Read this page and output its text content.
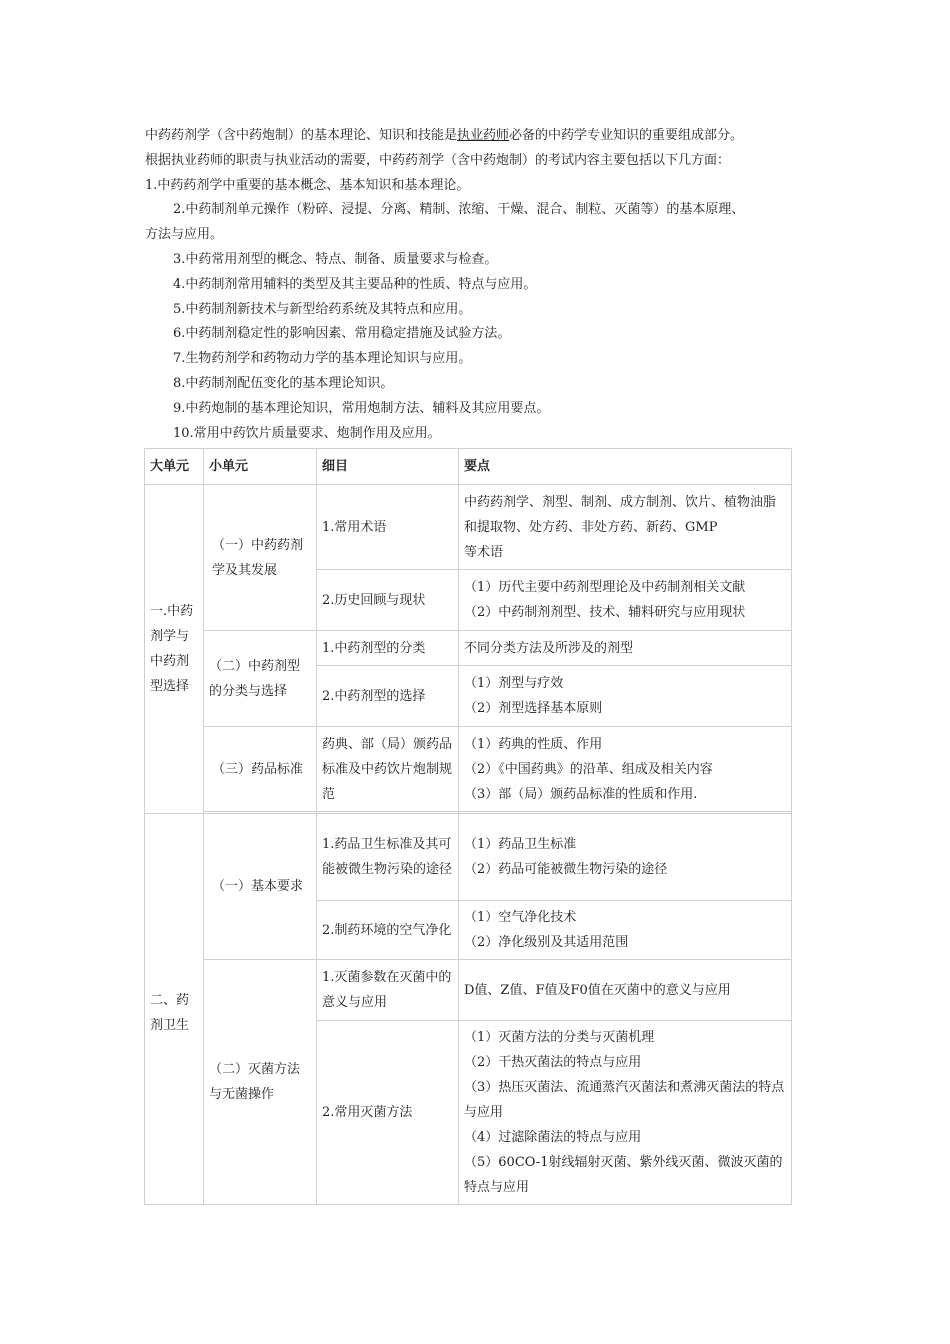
中药药剂学（含中药炮制）的基本理论、知识和技能是执业药师必备的中药学专业知识的重要组成部分。

根据执业药师的职责与执业活动的需要，中药药剂学（含中药炮制）的考试内容主要包括以下几方面：

1.中药药剂学中重要的基本概念、基本知识和基本理论。

2.中药制剂单元操作（粉碎、浸提、分离、精制、浓缩、干燥、混合、制粒、灭菌等）的基本原理、
方法与应用。

3.中药常用剂型的概念、特点、制备、质量要求与检查。

4.中药制剂常用辅料的类型及其主要品种的性质、特点与应用。

5.中药制剂新技术与新型给药系统及其特点和应用。

6.中药制剂稳定性的影响因素、常用稳定措施及试验方法。

7.生物药剂学和药物动力学的基本理论知识与应用。

8.中药制剂配伍变化的基本理论知识。

9.中药炮制的基本理论知识，常用炮制方法、辅料及其应用要点。

10.常用中药饮片质量要求、炮制作用及应用。

大单元	小单元	细目	要点
一.中药剂学与中药剂型选择	（一）中药药剂学及其发展	1.常用术语	中药药剂学、剂型、制剂、成方制剂、饮片、植物油脂和提取物、处方药、非处方药、新药、GMP
等术语

		2.历史回顾与现状	（1）历代主要中药剂型理论及中药制剂相关文献
（2）中药制剂剂型、技术、辅料研究与应用现状

	（二）中药剂型的分类与选择	1.中药剂型的分类	不同分类方法及所涉及的剂型
		2.中药剂型的选择	（1）剂型与疗效
（2）剂型选择基本原则

	（三）药品标准	药典、部（局）颁药品标准及中药饮片炮制规范	（1）药典的性质、作用
（2）《中国药典》的沿革、组成及相关内容
（3）部（局）颁药品标准的性质和作用.

二、药剂卫生	（一）基本要求	1.药品卫生标准及其可能被微生物污染的途径	（1）药品卫生标准
（2）药品可能被微生物污染的途径

		2.制药环境的空气净化	（1）空气净化技术
（2）净化级别及其适用范围

	（二）灭菌方法与无菌操作	1.灭菌参数在灭菌中的意义与应用	D值、Z值、F值及F0值在灭菌中的意义与应用
		2.常用灭菌方法	（1）灭菌方法的分类与灭菌机理
（2）干热灭菌法的特点与应用
（3）热压灭菌法、流通蒸汽灭菌法和煮沸灭菌法的特点与应用
（4）过滤除菌法的特点与应用
（5）60CO-1射线辐射灭菌、紫外线灭菌、微波灭菌的特点与应用
